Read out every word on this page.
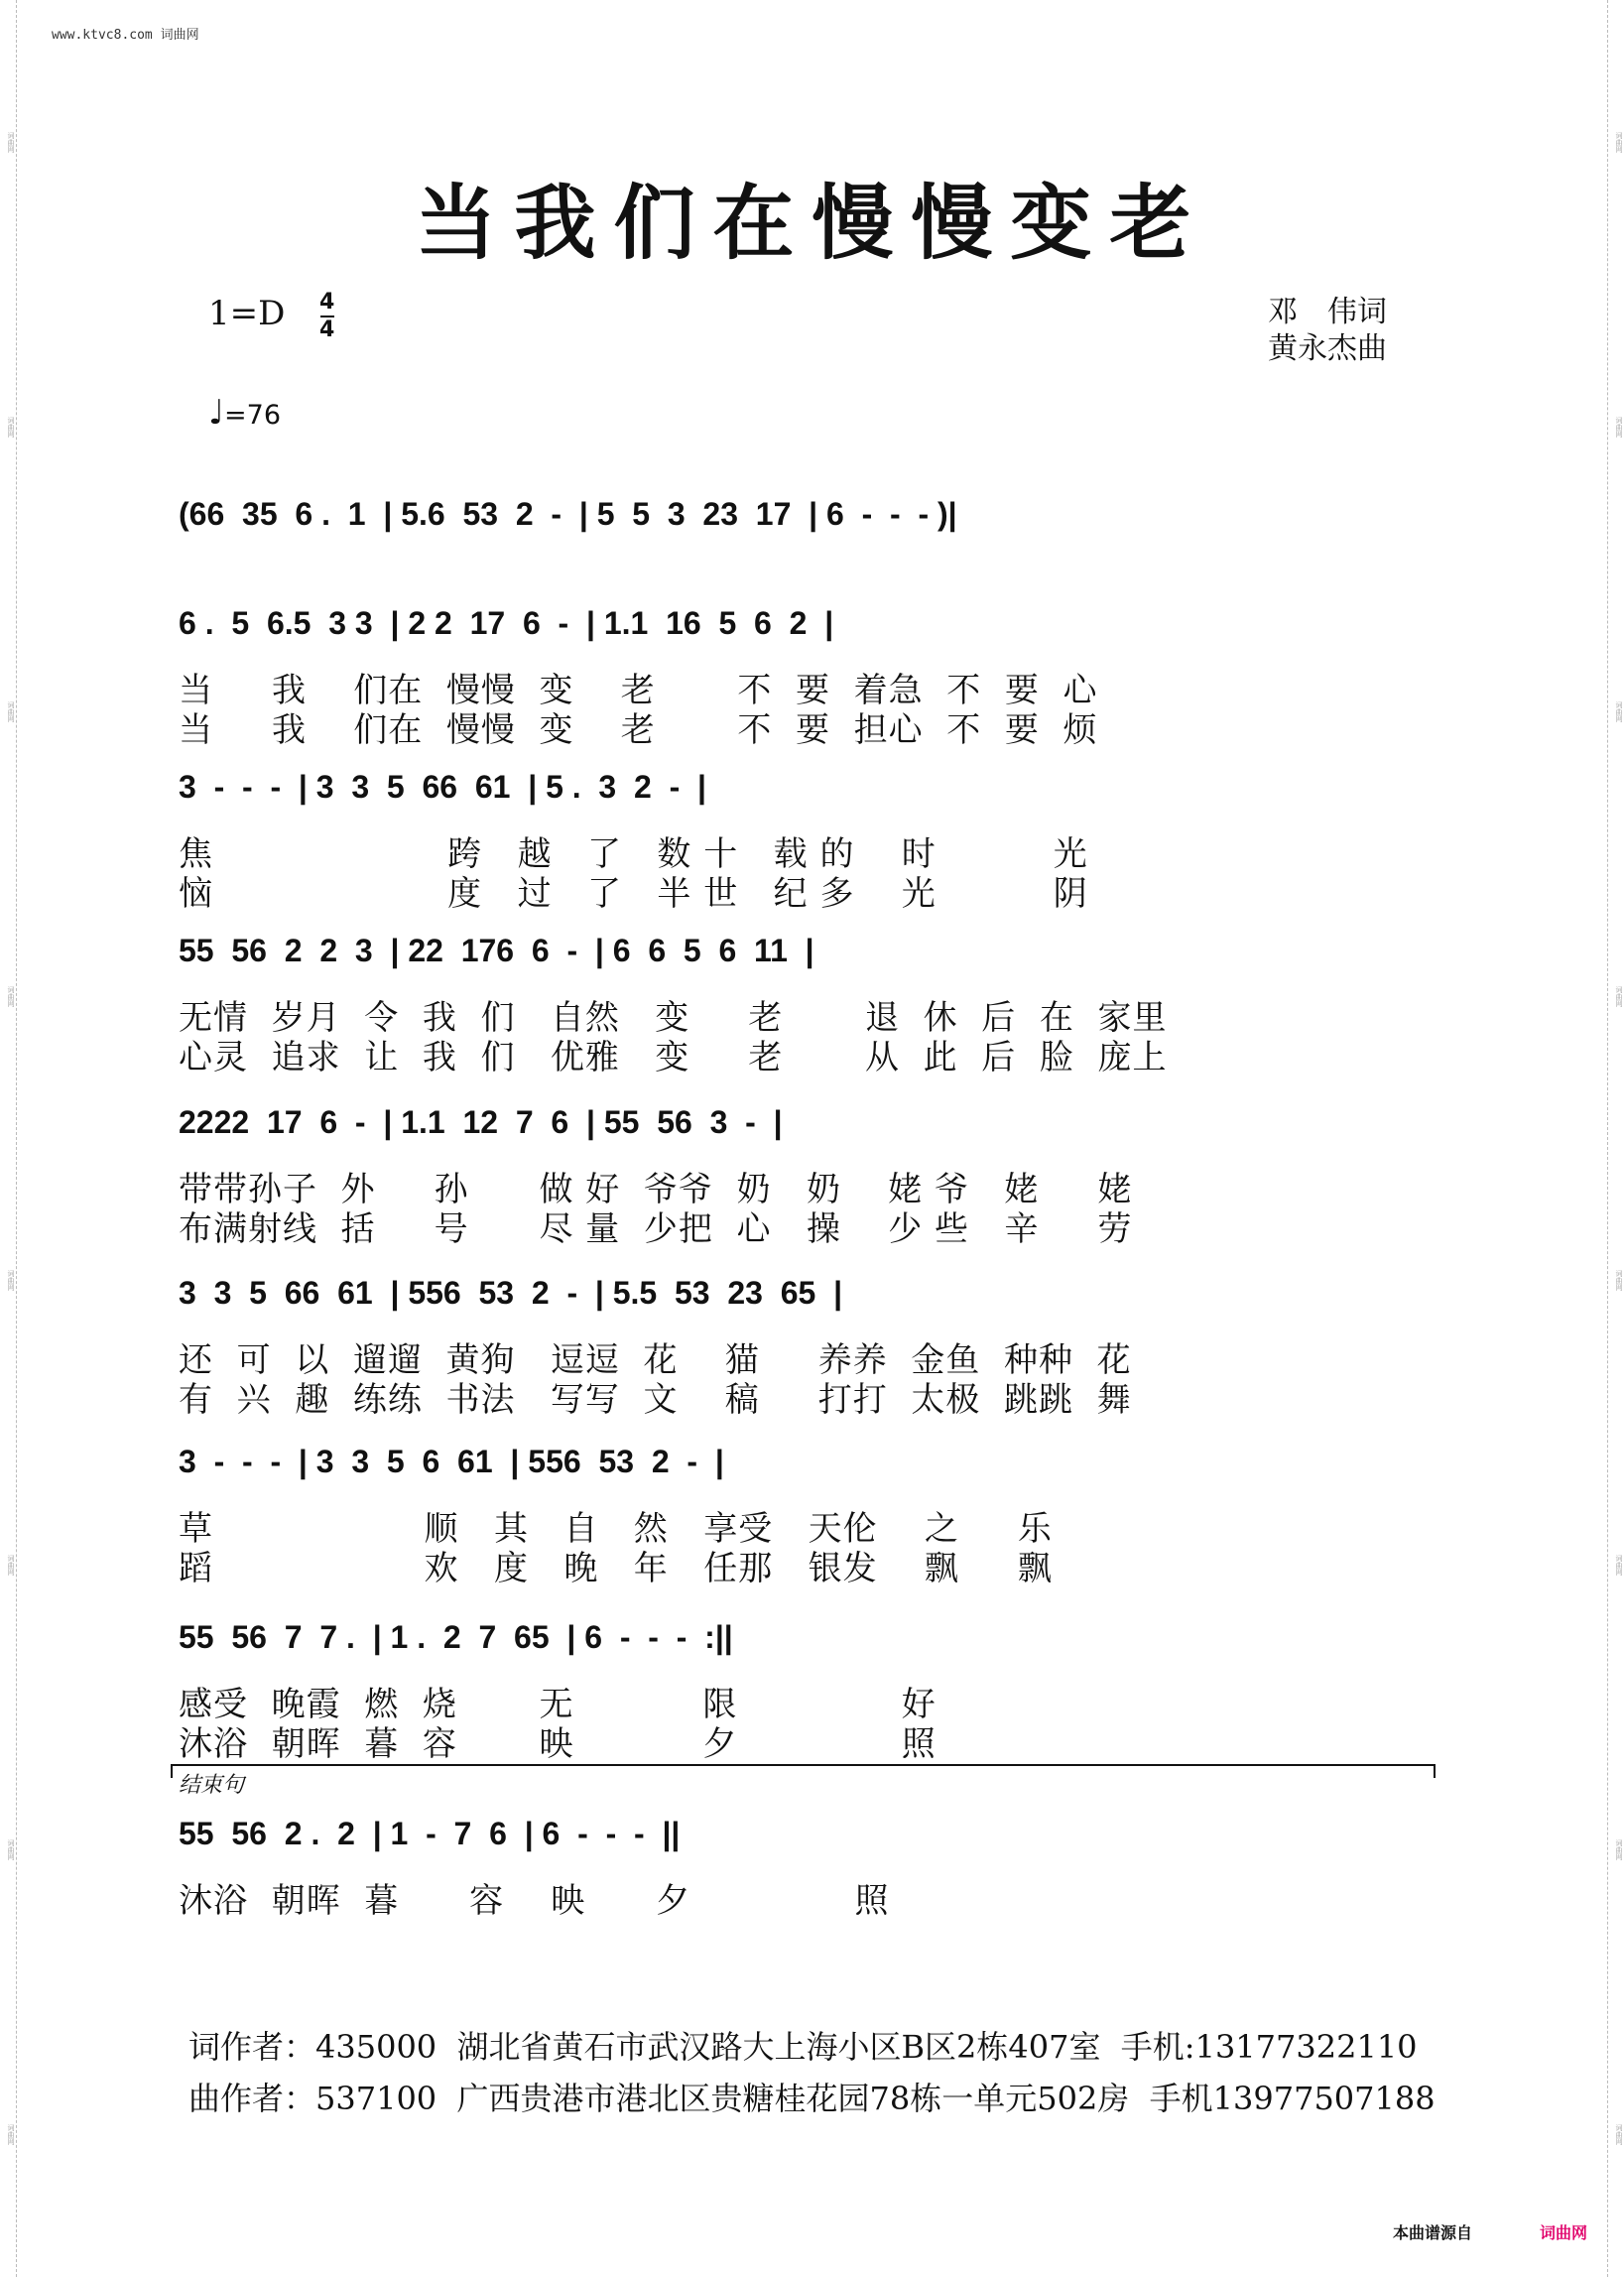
词曲网
词曲网
词曲网
词曲网
词曲网
词曲网
词曲网
词曲网
词曲网
词曲网
词曲网
词曲网
词曲网
词曲网
词曲网
词曲网
www.ktvc8.com 词曲网
当我们在慢慢变老
1=D 4
4
♩=76
邓　伟词
黄永杰曲
(66  35  6 .  1  | 5.6  53  2  -  | 5  5  3  23  17  | 6  -  -  - )|
6 .  5  6.5  3 3  | 2 2  17  6  -  | 1.1  16  5  6  2  |
当     我    们在  慢慢  变    老       不  要  着急  不  要  心
当     我    们在  慢慢  变    老       不  要  担心  不  要  烦
3  -  -  -  | 3  3  5  66  61  | 5 .  3  2  -  |
焦                    跨   越   了   数 十   载 的    时          光
恼                    度   过   了   半 世   纪 多    光          阴
55  56  2  2  3  | 22  176  6  -  | 6  6  5  6  11  |
无情  岁月  令  我  们   自然   变     老       退  休  后  在  家里
心灵  追求  让  我  们   优雅   变     老       从  此  后  脸  庞上
2222  17  6  -  | 1.1  12  7  6  | 55  56  3  -  |
带带孙子  外     孙      做 好  爷爷  奶   奶    姥 爷   姥     姥
布满射线  括     号      尽 量  少把  心   操    少 些   辛     劳
3  3  5  66  61  | 556  53  2  -  | 5.5  53  23  65  |
还  可  以  遛遛  黄狗   逗逗  花    猫     养养  金鱼  种种  花
有  兴  趣  练练  书法   写写  文    稿     打打  太极  跳跳  舞
3  -  -  -  | 3  3  5  6  61  | 556  53  2  -  |
草                  顺   其   自   然   享受   天伦    之     乐
蹈                  欢   度   晚   年   任那   银发    飘     飘
55  56  7  7 .  | 1 .  2  7  65  | 6  -  -  -  :||
感受  晚霞  燃  烧       无           限              好
沐浴  朝晖  暮  容       映           夕              照
结束句
55  56  2 .  2  | 1  -  7  6  | 6  -  -  -  ||
沐浴  朝晖  暮      容    映      夕              照
词作者：435000  湖北省黄石市武汉路大上海小区B区2栋407室  手机:13177322110
曲作者：537100  广西贵港市港北区贵糖桂花园78栋一单元502房  手机13977507188
本曲谱源自	词曲网
